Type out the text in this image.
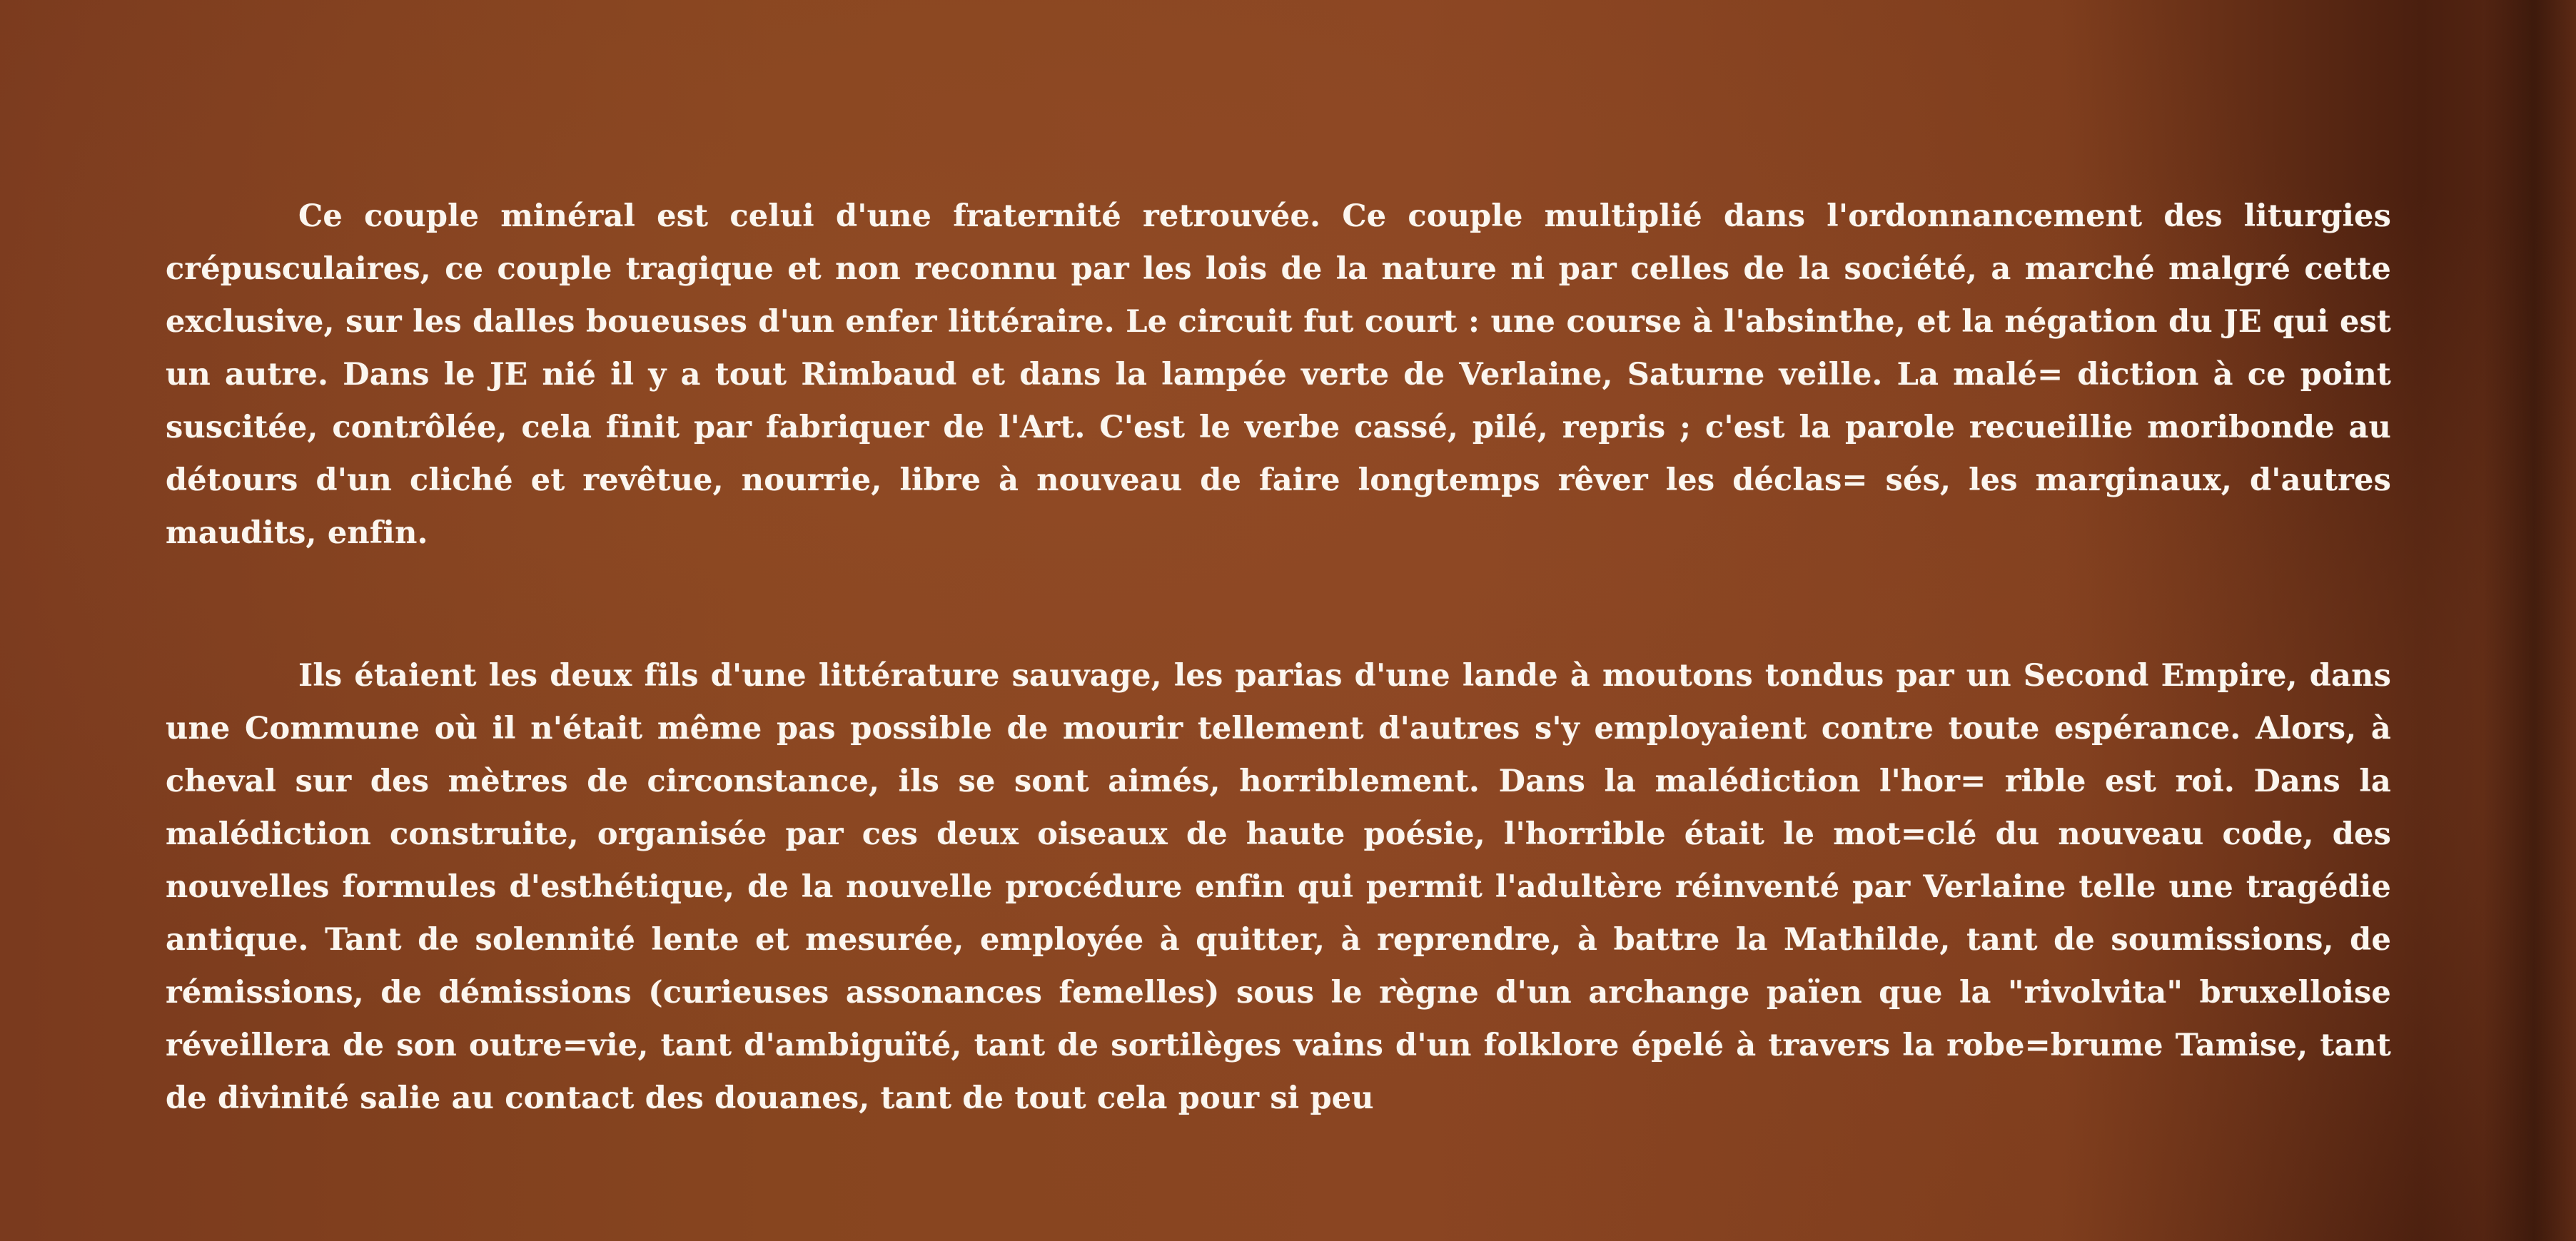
Ce couple minéral est celui d'une fraternité retrouvée. Ce couple multiplié dans l'ordonnancement des liturgies crépusculaires, ce couple tragique et non reconnu par les lois de la nature ni par celles de la société, a marché malgré cette exclusive, sur les dalles boueuses d'un enfer littéraire. Le circuit fut court : une course à l'absinthe, et la négation du JE qui est un autre. Dans le JE nié il y a tout Rimbaud et dans la lampée verte de Verlaine, Saturne veille. La malé= diction à ce point suscitée, contrôlée, cela finit par fabriquer de l'Art. C'est le verbe cassé, pilé, repris ; c'est la parole recueillie moribonde au détours d'un cliché et revêtue, nourrie, libre à nouveau de faire longtemps rêver les déclas= sés, les marginaux, d'autres maudits, enfin.

Ils étaient les deux fils d'une littérature sauvage, les parias d'une lande à moutons tondus par un Second Empire, dans une Commune où il n'était même pas possible de mourir tellement d'autres s'y employaient contre toute espérance. Alors, à cheval sur des mètres de circonstance, ils se sont aimés, horriblement. Dans la malédiction l'hor= rible est roi. Dans la malédiction construite, organisée par ces deux oiseaux de haute poésie, l'horrible était le mot=clé du nouveau code, des nouvelles formules d'esthétique, de la nouvelle procédure enfin qui permit l'adultère réinventé par Verlaine telle une tragédie antique. Tant de solennité lente et mesurée, employée à quitter, à reprendre, à battre la Mathilde, tant de soumissions, de rémissions, de démissions (curieuses assonances femelles) sous le règne d'un archange païen que la "rivolvita" bruxelloise réveillera de son outre=vie, tant d'ambiguïté, tant de sortilèges vains d'un folklore épelé à travers la robe=brume Tamise, tant de divinité salie au contact des douanes, tant de tout cela pour si peu
